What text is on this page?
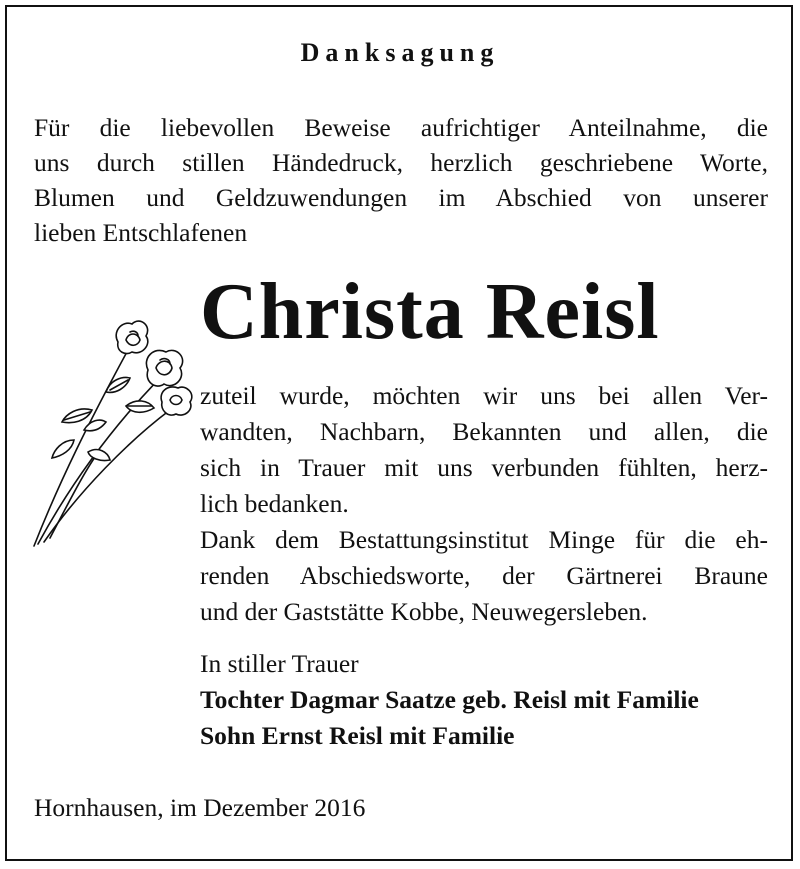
Danksagung
Für die liebevollen Beweise aufrichtiger Anteilnahme, die
uns durch stillen Händedruck, herzlich geschriebene Worte,
Blumen und Geldzuwendungen im Abschied von unserer
lieben Entschlafenen
Christa Reisl
zuteil wurde, möchten wir uns bei allen Ver-
wandten, Nachbarn, Bekannten und allen, die
sich in Trauer mit uns verbunden fühlten, herz-
lich bedanken.
Dank dem Bestattungsinstitut Minge für die eh-
renden Abschiedsworte, der Gärtnerei Braune
und der Gaststätte Kobbe, Neuwegersleben.
In stiller Trauer
Tochter Dagmar Saatze geb. Reisl mit Familie
Sohn Ernst Reisl mit Familie
Hornhausen, im Dezember 2016
